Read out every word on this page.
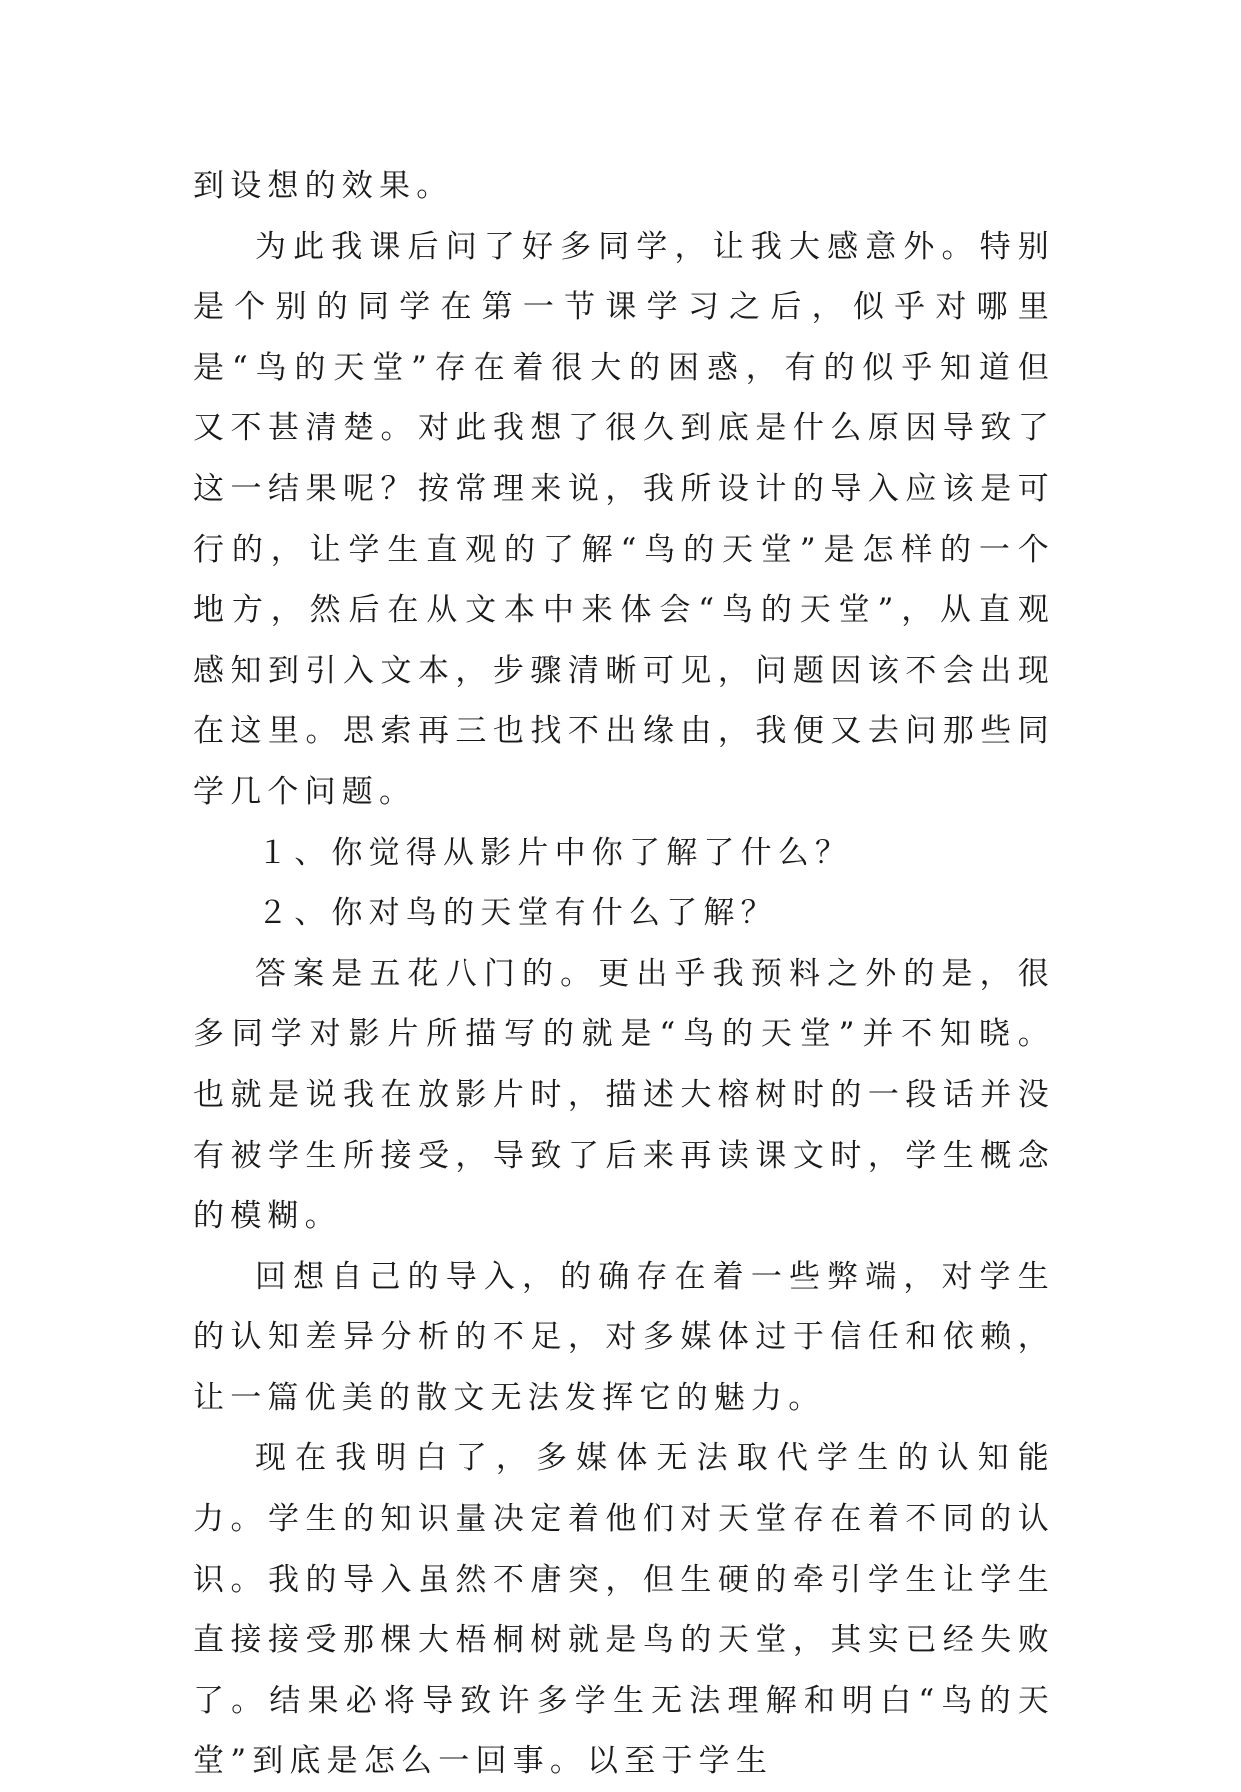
到设想的效果。

为此我课后问了好多同学，让我大感意外。特别是个别的同学在第一节课学习之后，似乎对哪里是“鸟的天堂”存在着很大的困惑，有的似乎知道但又不甚清楚。对此我想了很久到底是什么原因导致了这一结果呢？按常理来说，我所设计的导入应该是可行的，让学生直观的了解“鸟的天堂”是怎样的一个地方，然后在从文本中来体会“鸟的天堂”，从直观感知到引入文本，步骤清晰可见，问题因该不会出现在这里。思索再三也找不出缘由，我便又去问那些同学几个问题。

１、你觉得从影片中你了解了什么？

２、你对鸟的天堂有什么了解？

答案是五花八门的。更出乎我预料之外的是，很多同学对影片所描写的就是“鸟的天堂”并不知晓。也就是说我在放影片时，描述大榕树时的一段话并没有被学生所接受，导致了后来再读课文时，学生概念的模糊。

回想自己的导入，的确存在着一些弊端，对学生的认知差异分析的不足，对多媒体过于信任和依赖，让一篇优美的散文无法发挥它的魅力。

现在我明白了，多媒体无法取代学生的认知能力。学生的知识量决定着他们对天堂存在着不同的认识。我的导入虽然不唐突，但生硬的牵引学生让学生直接接受那棵大梧桐树就是鸟的天堂，其实已经失败了。结果必将导致许多学生无法理解和明白“鸟的天堂”到底是怎么一回事。以至于学生
